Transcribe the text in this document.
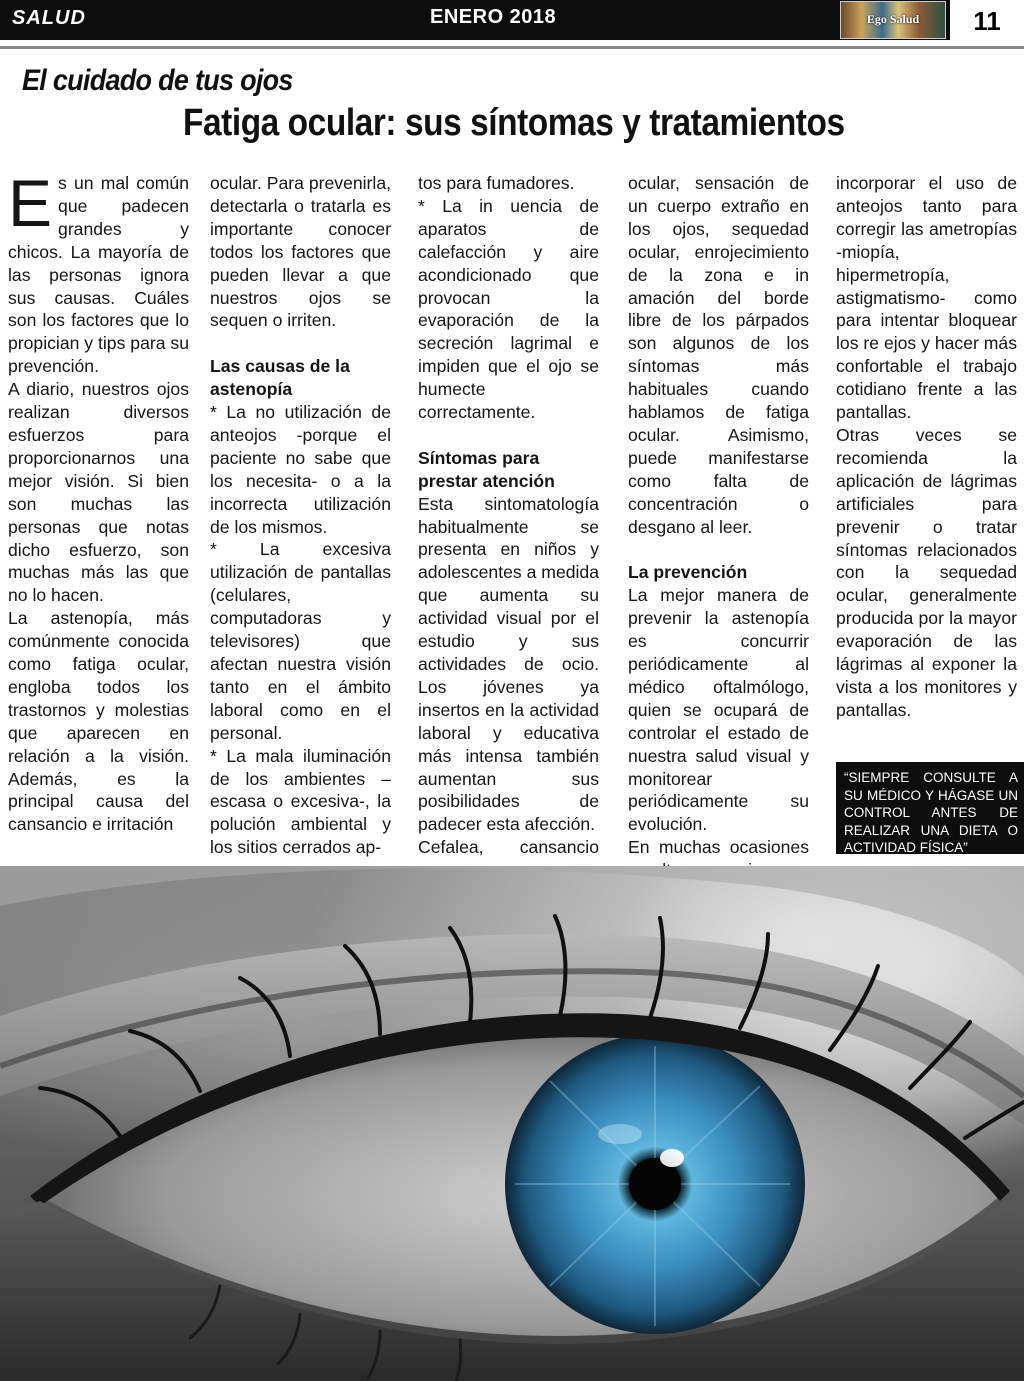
SALUD	ENERO 2018	Ego Salud	11
El cuidado de tus ojos
Fatiga ocular: sus síntomas y tratamientos

Es un mal común que padecen grandes y chicos. La mayoría de las personas ignora sus causas. Cuáles son los factores que lo propician y tips para su prevención.

A diario, nuestros ojos realizan diversos esfuerzos para proporcionarnos una mejor visión. Si bien son muchas las personas que notas dicho esfuerzo, son muchas más las que no lo hacen.

La astenopía, más comúnmente conocida como fatiga ocular, engloba todos los trastornos y molestias que aparecen en relación a la visión. Además, es la principal causa del cansancio e irritación

ocular. Para prevenirla, detectarla o tratarla es importante conocer todos los factores que pueden llevar a que nuestros ojos se sequen o irriten.

Las causas de la astenopía

* La no utilización de anteojos -porque el paciente no sabe que los necesita- o a la incorrecta utilización de los mismos.

* La excesiva utilización de pantallas (celulares, computadoras y televisores) que afectan nuestra visión tanto en el ámbito laboral como en el personal.

* La mala iluminación de los ambientes –escasa o excesiva-, la polución ambiental y los sitios cerrados ap-

tos para fumadores.

* La in uencia de aparatos de calefacción y aire acondicionado que provocan la evaporación de la secreción lagrimal e impiden que el ojo se humecte correctamente.

Síntomas para prestar atención

Esta sintomatología habitualmente se presenta en niños y adolescentes a medida que aumenta su actividad visual por el estudio y sus actividades de ocio. Los jóvenes ya insertos en la actividad laboral y educativa más intensa también aumentan sus posibilidades de padecer esta afección.

Cefalea, cansancio

ocular, sensación de un cuerpo extraño en los ojos, sequedad ocular, enrojecimiento de la zona e in amación del borde libre de los párpados son algunos de los síntomas más habituales cuando hablamos de fatiga ocular. Asimismo, puede manifestarse como falta de concentración o desgano al leer.

La prevención

La mejor manera de prevenir la astenopía es concurrir periódicamente al médico oftalmólogo, quien se ocupará de controlar el estado de nuestra salud visual y monitorear periódicamente su evolución.

En muchas ocasiones

incorporar el uso de anteojos tanto para corregir las ametropías -miopía, hipermetropía, astigmatismo- como para intentar bloquear los re ejos y hacer más confortable el trabajo cotidiano frente a las pantallas.

Otras veces se recomienda la aplicación de lágrimas artificiales para prevenir o tratar síntomas relacionados con la sequedad ocular, generalmente producida por la mayor evaporación de las lágrimas al exponer la vista a los monitores y pantallas.

“SIEMPRE CONSULTE A SU MÉDICO Y HÁGASE UN CONTROL ANTES DE REALIZAR UNA DIETA O ACTIVIDAD FÍSICA”
